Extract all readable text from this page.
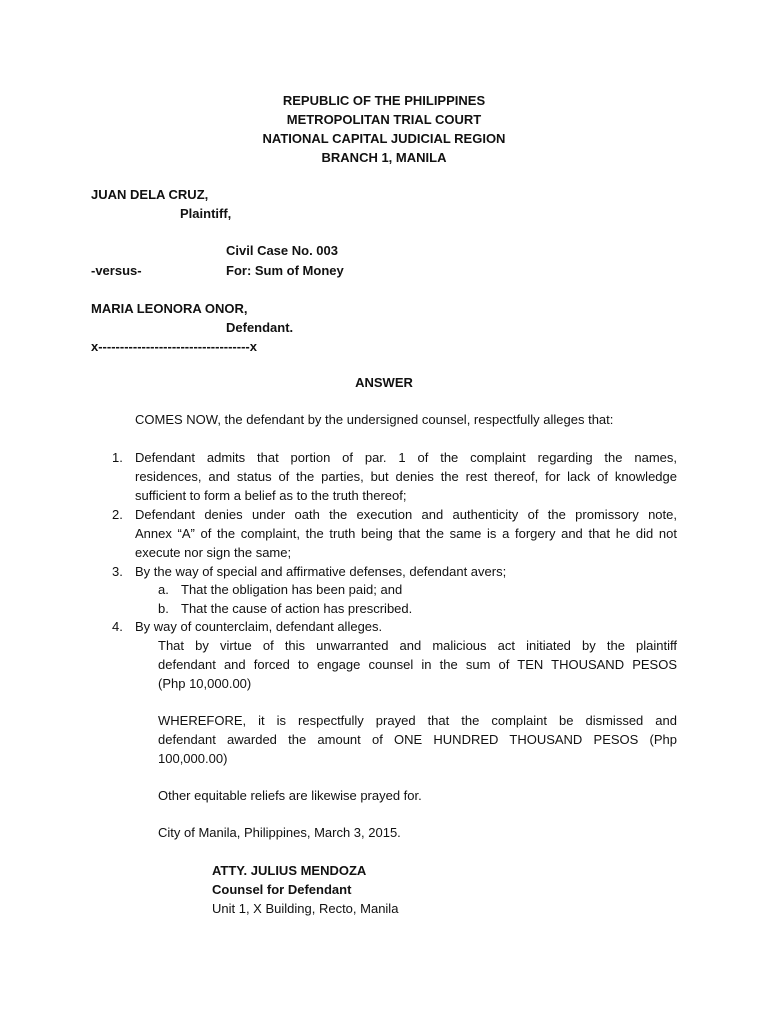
REPUBLIC OF THE PHILIPPINES
METROPOLITAN TRIAL COURT
NATIONAL CAPITAL JUDICIAL REGION
BRANCH 1, MANILA
JUAN DELA CRUZ,
Plaintiff,
Civil Case No. 003
-versus-	For: Sum of Money
MARIA LEONORA ONOR,
Defendant.
x-----------------------------------x
ANSWER
COMES NOW, the defendant by the undersigned counsel, respectfully alleges that:
1. Defendant admits that portion of par. 1 of the complaint regarding the names,
residences, and status of the parties, but denies the rest thereof, for lack of knowledge
sufficient to form a belief as to the truth thereof;
2. Defendant denies under oath the execution and authenticity of the promissory note,
Annex “A” of the complaint, the truth being that the same is a forgery and that he did not
execute nor sign the same;
3. By the way of special and affirmative defenses, defendant avers;
a. That the obligation has been paid; and
b. That the cause of action has prescribed.
4. By way of counterclaim, defendant alleges.
That by virtue of this unwarranted and malicious act initiated by the plaintiff
defendant and forced to engage counsel in the sum of TEN THOUSAND PESOS
(Php 10,000.00)
WHEREFORE, it is respectfully prayed that the complaint be dismissed and
defendant awarded the amount of ONE HUNDRED THOUSAND PESOS (Php
100,000.00)
Other equitable reliefs are likewise prayed for.
City of Manila, Philippines, March 3, 2015.
ATTY. JULIUS MENDOZA
Counsel for Defendant
Unit 1, X Building, Recto, Manila
